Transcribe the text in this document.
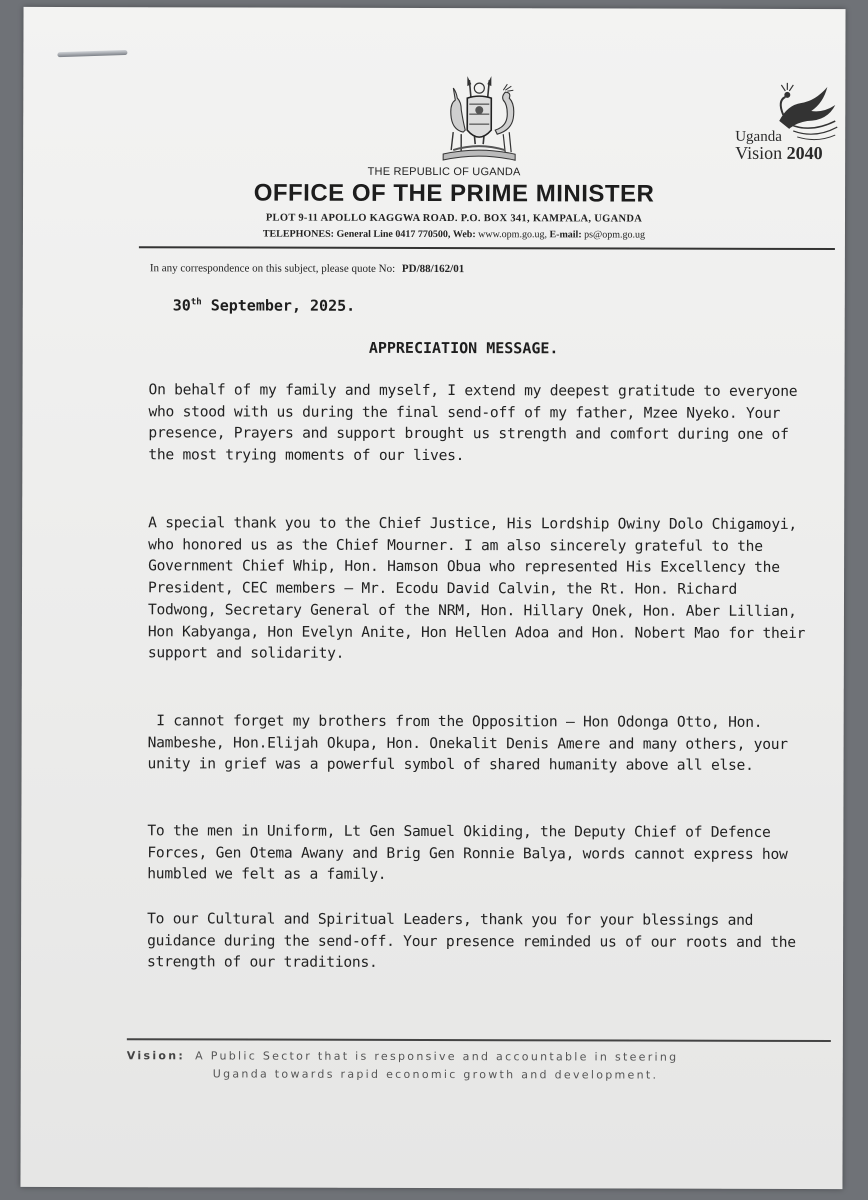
THE REPUBLIC OF UGANDA
OFFICE OF THE PRIME MINISTER
PLOT 9-11 APOLLO KAGGWA ROAD. P.O. BOX 341, KAMPALA, UGANDA
TELEPHONES: General Line 0417 770500, Web: www.opm.go.ug, E-mail: ps@opm.go.ug
Uganda
Vision 2040
In any correspondence on this subject, please quote No: PD/88/162/01
30th September, 2025.
APPRECIATION MESSAGE.
On behalf of my family and myself, I extend my deepest gratitude to everyone who stood with us during the final send-off of my father, Mzee Nyeko. Your presence, Prayers and support brought us strength and comfort during one of the most trying moments of our lives.
A special thank you to the Chief Justice, His Lordship Owiny Dolo Chigamoyi, who honored us as the Chief Mourner. I am also sincerely grateful to the Government Chief Whip, Hon. Hamson Obua who represented His Excellency the President, CEC members – Mr. Ecodu David Calvin, the Rt. Hon. Richard Todwong, Secretary General of the NRM, Hon. Hillary Onek, Hon. Aber Lillian, Hon Kabyanga, Hon Evelyn Anite, Hon Hellen Adoa and Hon. Nobert Mao for their support and solidarity.
I cannot forget my brothers from the Opposition – Hon Odonga Otto, Hon. Nambeshe, Hon.Elijah Okupa, Hon. Onekalit Denis Amere and many others, your unity in grief was a powerful symbol of shared humanity above all else.
To the men in Uniform, Lt Gen Samuel Okiding, the Deputy Chief of Defence Forces, Gen Otema Awany and Brig Gen Ronnie Balya, words cannot express how humbled we felt as a family.
To our Cultural and Spiritual Leaders, thank you for your blessings and guidance during the send-off. Your presence reminded us of our roots and the strength of our traditions.
Vision: A Public Sector that is responsive and accountable in steering
Uganda towards rapid economic growth and development.
